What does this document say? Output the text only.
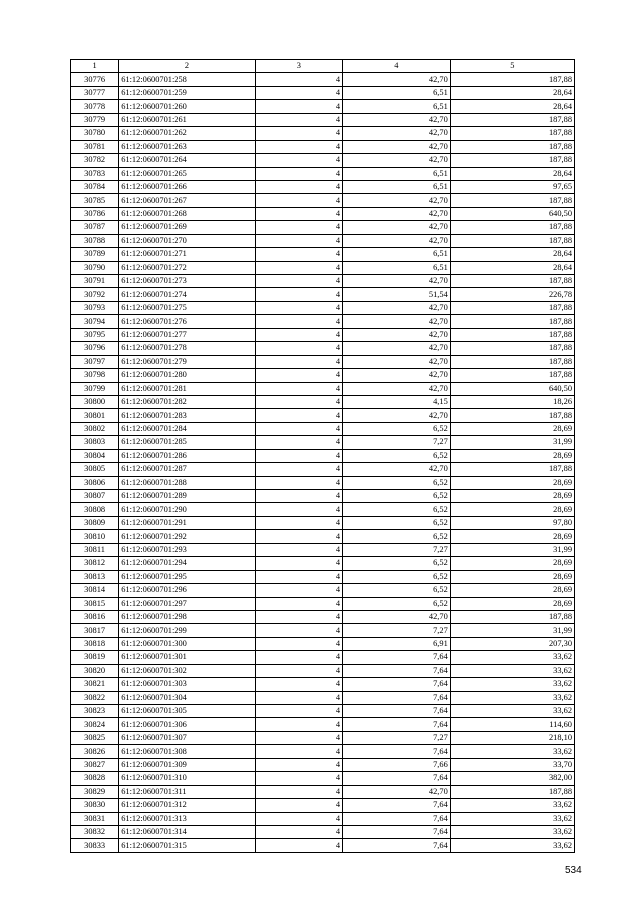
1	2	3	4	5
30776	61:12:0600701:258	4	42,70	187,88
30777	61:12:0600701:259	4	6,51	28,64
30778	61:12:0600701:260	4	6,51	28,64
30779	61:12:0600701:261	4	42,70	187,88
30780	61:12:0600701:262	4	42,70	187,88
30781	61:12:0600701:263	4	42,70	187,88
30782	61:12:0600701:264	4	42,70	187,88
30783	61:12:0600701:265	4	6,51	28,64
30784	61:12:0600701:266	4	6,51	97,65
30785	61:12:0600701:267	4	42,70	187,88
30786	61:12:0600701:268	4	42,70	640,50
30787	61:12:0600701:269	4	42,70	187,88
30788	61:12:0600701:270	4	42,70	187,88
30789	61:12:0600701:271	4	6,51	28,64
30790	61:12:0600701:272	4	6,51	28,64
30791	61:12:0600701:273	4	42,70	187,88
30792	61:12:0600701:274	4	51,54	226,78
30793	61:12:0600701:275	4	42,70	187,88
30794	61:12:0600701:276	4	42,70	187,88
30795	61:12:0600701:277	4	42,70	187,88
30796	61:12:0600701:278	4	42,70	187,88
30797	61:12:0600701:279	4	42,70	187,88
30798	61:12:0600701:280	4	42,70	187,88
30799	61:12:0600701:281	4	42,70	640,50
30800	61:12:0600701:282	4	4,15	18,26
30801	61:12:0600701:283	4	42,70	187,88
30802	61:12:0600701:284	4	6,52	28,69
30803	61:12:0600701:285	4	7,27	31,99
30804	61:12:0600701:286	4	6,52	28,69
30805	61:12:0600701:287	4	42,70	187,88
30806	61:12:0600701:288	4	6,52	28,69
30807	61:12:0600701:289	4	6,52	28,69
30808	61:12:0600701:290	4	6,52	28,69
30809	61:12:0600701:291	4	6,52	97,80
30810	61:12:0600701:292	4	6,52	28,69
30811	61:12:0600701:293	4	7,27	31,99
30812	61:12:0600701:294	4	6,52	28,69
30813	61:12:0600701:295	4	6,52	28,69
30814	61:12:0600701:296	4	6,52	28,69
30815	61:12:0600701:297	4	6,52	28,69
30816	61:12:0600701:298	4	42,70	187,88
30817	61:12:0600701:299	4	7,27	31,99
30818	61:12:0600701:300	4	6,91	207,30
30819	61:12:0600701:301	4	7,64	33,62
30820	61:12:0600701:302	4	7,64	33,62
30821	61:12:0600701:303	4	7,64	33,62
30822	61:12:0600701:304	4	7,64	33,62
30823	61:12:0600701:305	4	7,64	33,62
30824	61:12:0600701:306	4	7,64	114,60
30825	61:12:0600701:307	4	7,27	218,10
30826	61:12:0600701:308	4	7,64	33,62
30827	61:12:0600701:309	4	7,66	33,70
30828	61:12:0600701:310	4	7,64	382,00
30829	61:12:0600701:311	4	42,70	187,88
30830	61:12:0600701:312	4	7,64	33,62
30831	61:12:0600701:313	4	7,64	33,62
30832	61:12:0600701:314	4	7,64	33,62
30833	61:12:0600701:315	4	7,64	33,62
534
